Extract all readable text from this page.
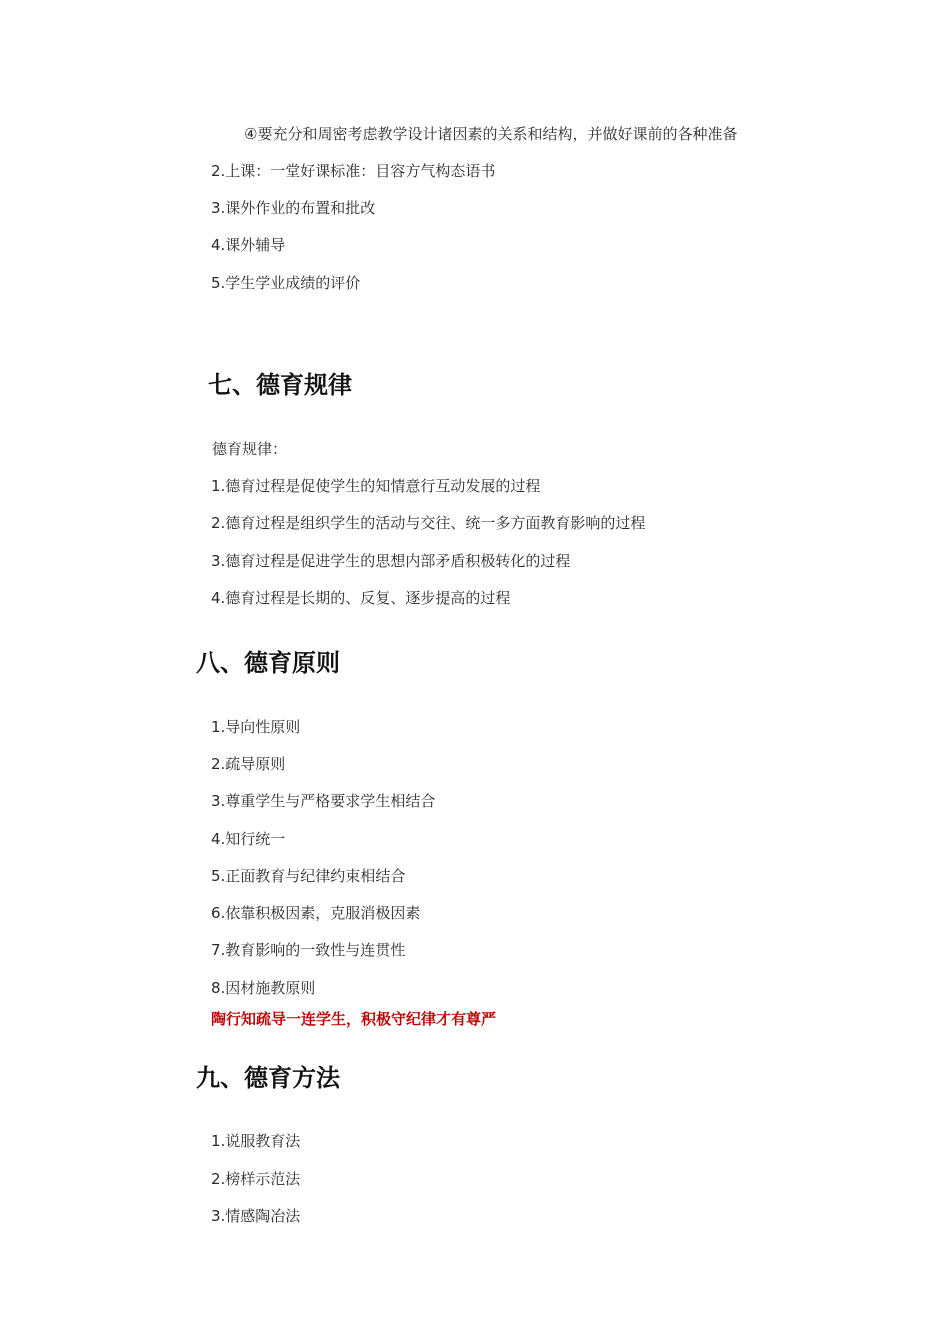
④要充分和周密考虑教学设计诸因素的关系和结构，并做好课前的各种准备
2.上课：一堂好课标准：目容方气构态语书
3.课外作业的布置和批改
4.课外辅导
5.学生学业成绩的评价
七、德育规律
德育规律：
1.德育过程是促使学生的知情意行互动发展的过程
2.德育过程是组织学生的活动与交往、统一多方面教育影响的过程
3.德育过程是促进学生的思想内部矛盾积极转化的过程
4.德育过程是长期的、反复、逐步提高的过程
八、德育原则
1.导向性原则
2.疏导原则
3.尊重学生与严格要求学生相结合
4.知行统一
5.正面教育与纪律约束相结合
6.依靠积极因素，克服消极因素
7.教育影响的一致性与连贯性
8.因材施教原则
陶行知疏导一连学生，积极守纪律才有尊严
九、德育方法
1.说服教育法
2.榜样示范法
3.情感陶冶法
